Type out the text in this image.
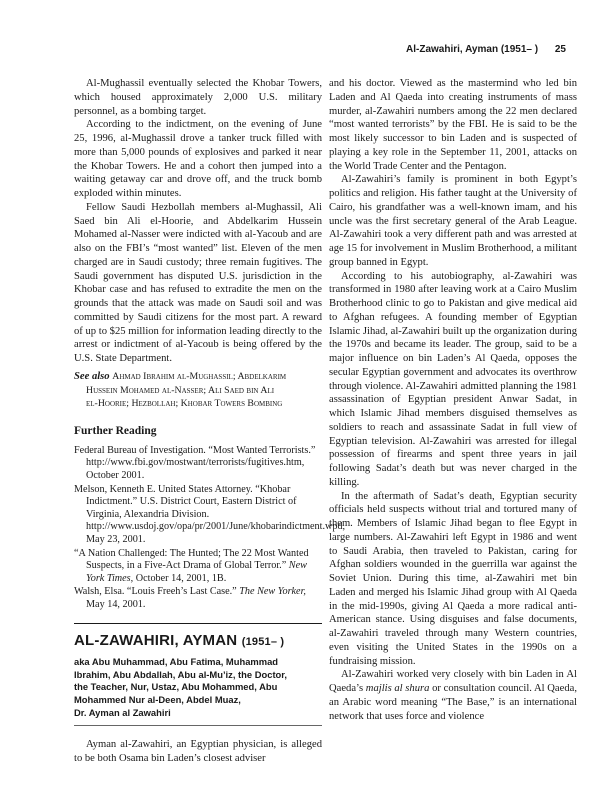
Al-Zawahiri, Ayman (1951– ) 25

Al-Mughassil eventually selected the Khobar Towers, which housed approximately 2,000 U.S. military personnel, as a bombing target.

According to the indictment, on the evening of June 25, 1996, al-Mughassil drove a tanker truck filled with more than 5,000 pounds of explosives and parked it near the Khobar Towers. He and a cohort then jumped into a waiting getaway car and drove off, and the truck bomb exploded within minutes.

Fellow Saudi Hezbollah members al-Mughassil, Ali Saed bin Ali el-Hoorie, and Abdelkarim Hussein Mohamed al-Nasser were indicted with al-Yacoub and are also on the FBI’s “most wanted” list. Eleven of the men charged are in Saudi custody; three remain fugitives. The Saudi government has disputed U.S. jurisdiction in the Khobar case and has refused to extradite the men on the grounds that the attack was made on Saudi soil and was committed by Saudi citizens for the most part. A reward of up to $25 million for information leading directly to the arrest or indictment of al-Yacoub is being offered by the U.S. State Department.

See also Ahmad Ibrahim al-Mughassil; Abdelkarim
Hussein Mohamed al-Nasser; Ali Saed bin Ali
el-Hoorie; Hezbollah; Khobar Towers Bombing
Further Reading
Federal Bureau of Investigation. “Most Wanted Terrorists.” http://www.fbi.gov/mostwant/terrorists/fugitives.htm, October 2001.
Melson, Kenneth E. United States Attorney. “Khobar Indictment.” U.S. District Court, Eastern District of Virginia, Alexandria Division. http://www.usdoj.gov/opa/pr/2001/June/khobarindictment.wpd, May 23, 2001.
“A Nation Challenged: The Hunted; The 22 Most Wanted Suspects, in a Five-Act Drama of Global Terror.” New York Times, October 14, 2001, 1B.
Walsh, Elsa. “Louis Freeh’s Last Case.” The New Yorker, May 14, 2001.
AL-ZAWAHIRI, AYMAN (1951– )
aka Abu Muhammad, Abu Fatima, Muhammad
Ibrahim, Abu Abdallah, Abu al-Mu’iz, the Doctor,
the Teacher, Nur, Ustaz, Abu Mohammed, Abu
Mohammed Nur al-Deen, Abdel Muaz,
Dr. Ayman al Zawahiri

Ayman al-Zawahiri, an Egyptian physician, is alleged to be both Osama bin Laden’s closest adviser

and his doctor. Viewed as the mastermind who led bin Laden and Al Qaeda into creating instruments of mass murder, al-Zawahiri numbers among the 22 men declared “most wanted terrorists” by the FBI. He is said to be the most likely successor to bin Laden and is suspected of playing a key role in the September 11, 2001, attacks on the World Trade Center and the Pentagon.

Al-Zawahiri’s family is prominent in both Egypt’s politics and religion. His father taught at the University of Cairo, his grandfather was a well-known imam, and his uncle was the first secretary general of the Arab League. Al-Zawahiri took a very different path and was arrested at age 15 for involvement in Muslim Brotherhood, a militant group banned in Egypt.

According to his autobiography, al-Zawahiri was transformed in 1980 after leaving work at a Cairo Muslim Brotherhood clinic to go to Pakistan and give medical aid to Afghan refugees. A founding member of Egyptian Islamic Jihad, al-Zawahiri built up the organization during the 1970s and became its leader. The group, said to be a major influence on bin Laden’s Al Qaeda, opposes the secular Egyptian government and advocates its overthrow through violence. Al-Zawahiri admitted planning the 1981 assassination of Egyptian president Anwar Sadat, in which Islamic Jihad members disguised themselves as soldiers to reach and assassinate Sadat in full view of Egyptian television. Al-Zawahiri was arrested for illegal possession of firearms and spent three years in jail following Sadat’s death but was never charged in the killing.

In the aftermath of Sadat’s death, Egyptian security officials held suspects without trial and tortured many of them. Members of Islamic Jihad began to flee Egypt in large numbers. Al-Zawahiri left Egypt in 1986 and went to Saudi Arabia, then traveled to Pakistan, caring for Afghan soldiers wounded in the guerrilla war against the Soviet Union. During this time, al-Zawahiri met bin Laden and merged his Islamic Jihad group with Al Qaeda in the mid-1990s, giving Al Qaeda a more radical anti-American stance. Using disguises and false documents, al-Zawahiri traveled through many Western countries, even visiting the United States in the 1990s on a fundraising mission.

Al-Zawahiri worked very closely with bin Laden in Al Qaeda’s majlis al shura or consultation council. Al Qaeda, an Arabic word meaning “The Base,” is an international network that uses force and violence
